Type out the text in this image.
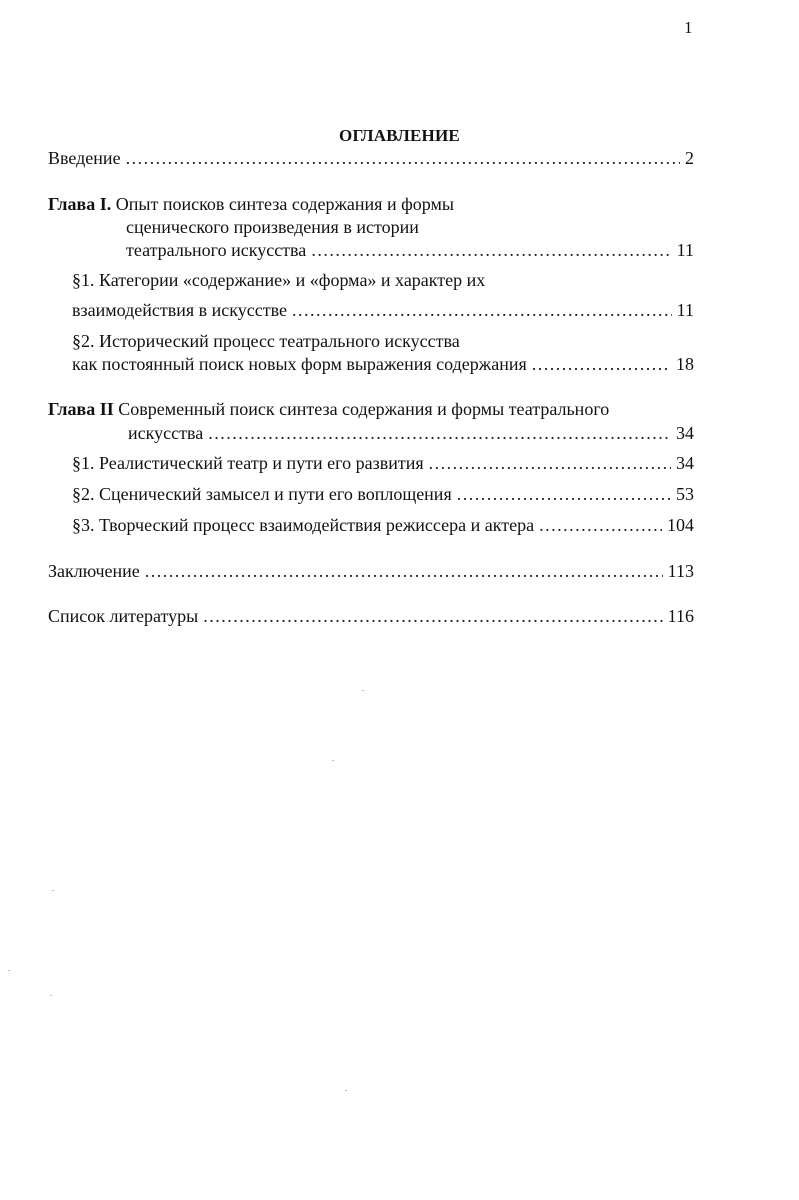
1
ОГЛАВЛЕНИЕ
Введение .....	2
Глава I. Опыт поисков синтеза содержания и формы
сценического произведения в истории
театрального искусства .....	11
§1. Категории «содержание» и «форма» и характер их
взаимодействия в искусстве .....	11
§2. Исторический процесс театрального искусства
как постоянный поиск новых форм выражения содержания .....	18
Глава II Современный поиск синтеза содержания и формы театрального
искусства .....	34
§1. Реалистический театр и пути его развития .....	34
§2. Сценический замысел и пути его воплощения .....	53
§3. Творческий процесс взаимодействия режиссера и актера .....	104
Заключение .....	113
Список литературы .....	116
